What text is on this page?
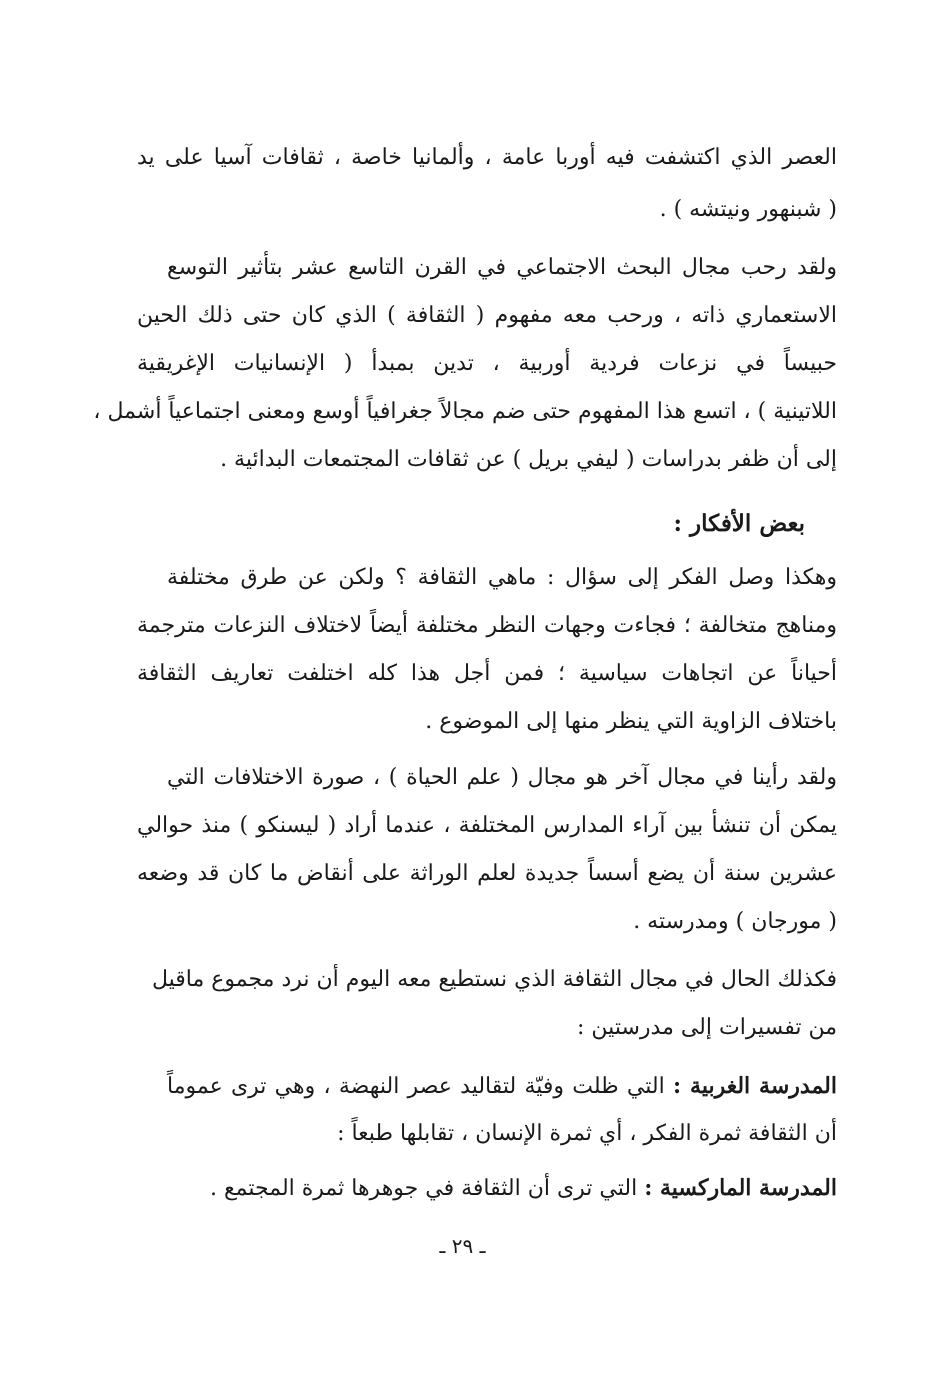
العصر الذي اكتشفت فيه أوربا عامة ، وألمانيا خاصة ، ثقافات آسيا على يد
( شبنهور ونيتشه ) .
ولقد رحب مجال البحث الاجتماعي في القرن التاسع عشر بتأثير التوسع
الاستعماري ذاته ، ورحب معه مفهوم ( الثقافة ) الذي كان حتى ذلك الحين
حبيساً في نزعات فردية أوربية ، تدين بمبدأ ( الإنسانيات الإغريقية
اللاتينية ) ، اتسع هذا المفهوم حتى ضم مجالاً جغرافياً أوسع ومعنى اجتماعياً أشمل ،
إلى أن ظفر بدراسات ( ليفي بريل ) عن ثقافات المجتمعات البدائية .
بعض الأفكار :
وهكذا وصل الفكر إلى سؤال : ماهي الثقافة ؟ ولكن عن طرق مختلفة
ومناهج متخالفة ؛ فجاءت وجهات النظر مختلفة أيضاً لاختلاف النزعات مترجمة
أحياناً عن اتجاهات سياسية ؛ فمن أجل هذا كله اختلفت تعاريف الثقافة
باختلاف الزاوية التي ينظر منها إلى الموضوع .
ولقد رأينا في مجال آخر هو مجال ( علم الحياة ) ، صورة الاختلافات التي
يمكن أن تنشأ بين آراء المدارس المختلفة ، عندما أراد ( ليسنكو ) منذ حوالي
عشرين سنة أن يضع أسساً جديدة لعلم الوراثة على أنقاض ما كان قد وضعه
( مورجان ) ومدرسته .
فكذلك الحال في مجال الثقافة الذي نستطيع معه اليوم أن نرد مجموع ماقيل
من تفسيرات إلى مدرستين :
المدرسة الغربية : التي ظلت وفيّة لتقاليد عصر النهضة ، وهي ترى عموماً
أن الثقافة ثمرة الفكر ، أي ثمرة الإنسان ، تقابلها طبعاً :
المدرسة الماركسية : التي ترى أن الثقافة في جوهرها ثمرة المجتمع .
ـ ٢٩ ـ
